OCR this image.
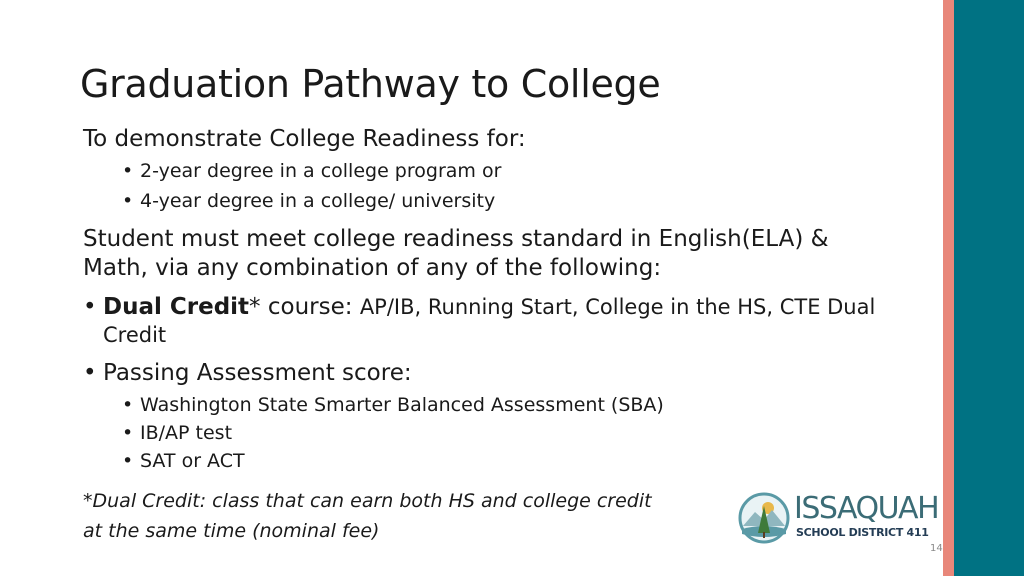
Graduation Pathway to College

To demonstrate College Readiness for:

• 2-year degree in a college program or

• 4-year degree in a college/ university

Student must meet college readiness standard in English(ELA) &

Math, via any combination of any of the following:

• Dual Credit* course: AP/IB, Running Start, College in the HS, CTE Dual

Credit

• Passing Assessment score:

• Washington State Smarter Balanced Assessment (SBA)

• IB/AP test

• SAT or ACT

*Dual Credit: class that can earn both HS and college credit

at the same time (nominal fee)

ISSAQUAH
SCHOOL DISTRICT 411
14
